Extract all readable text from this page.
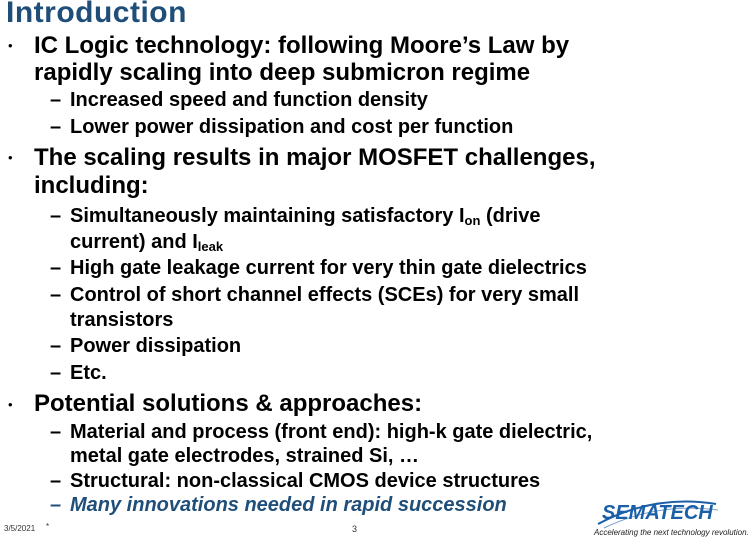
Introduction
• IC Logic technology: following Moore’s Law by
rapidly scaling into deep submicron regime
– Increased speed and function density
– Lower power dissipation and cost per function
• The scaling results in major MOSFET challenges,
including:
– Simultaneously maintaining satisfactory $I_{on}$ (drive
current) and $I_{leak}$
– High gate leakage current for very thin gate dielectrics
– Control of short channel effects (SCEs) for very small
transistors
– Power dissipation
– Etc.
• Potential solutions & approaches:
– Material and process (front end): high-k gate dielectric,
metal gate electrodes, strained Si, …
– Structural: non-classical CMOS device structures
– Many innovations needed in rapid succession
3/5/2021 *	3
SEMATECH
Accelerating the next technology revolution.
